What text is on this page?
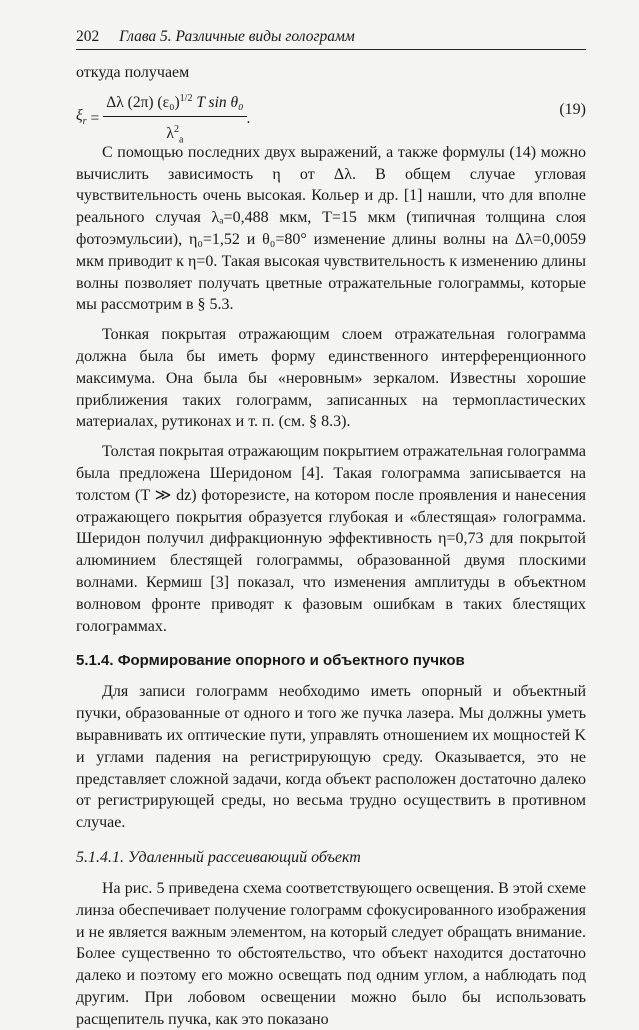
202 Глава 5. Различные виды голограмм

откуда получаем

$\xi_r = \frac{\Delta\lambda (2\pi) (\varepsilon_0)^{1/2} T \sin \theta_0}{\lambda^2_a}$ .
(19)

С помощью последних двух выражений, а также формулы (14) можно вычислить зависимость η от Δλ. В общем случае угловая чувствительность очень высокая. Кольер и др. [1] нашли, что для вполне реального случая λₐ=0,488 мкм, T=15 мкм (типичная толщина слоя фотоэмульсии), η₀=1,52 и θ₀=80° изменение длины волны на Δλ=0,0059 мкм приводит к η=0. Такая высокая чувствительность к изменению длины волны позволяет получать цветные отражательные голограммы, которые мы рассмотрим в § 5.3.

Тонкая покрытая отражающим слоем отражательная голограмма должна была бы иметь форму единственного интерференционного максимума. Она была бы «неровным» зеркалом. Известны хорошие приближения таких голограмм, записанных на термопластических материалах, рутиконах и т. п. (см. § 8.3).

Толстая покрытая отражающим покрытием отражательная голограмма была предложена Шеридоном [4]. Такая голограмма записывается на толстом (T ≫ dz) фоторезисте, на котором после проявления и нанесения отражающего покрытия образуется глубокая и «блестящая» голограмма. Шеридон получил дифракционную эффективность η=0,73 для покрытой алюминием блестящей голограммы, образованной двумя плоскими волнами. Кермиш [3] показал, что изменения амплитуды в объектном волновом фронте приводят к фазовым ошибкам в таких блестящих голограммах.

5.1.4. Формирование опорного и объектного пучков

Для записи голограмм необходимо иметь опорный и объектный пучки, образованные от одного и того же пучка лазера. Мы должны уметь выравнивать их оптические пути, управлять отношением их мощностей K и углами падения на регистрирующую среду. Оказывается, это не представляет сложной задачи, когда объект расположен достаточно далеко от регистрирующей среды, но весьма трудно осуществить в противном случае.

5.1.4.1. Удаленный рассеивающий объект

На рис. 5 приведена схема соответствующего освещения. В этой схеме линза обеспечивает получение голограмм сфокусированного изображения и не является важным элементом, на который следует обращать внимание. Более существенно то обстоятельство, что объект находится достаточно далеко и поэтому его можно освещать под одним углом, а наблюдать под другим. При лобовом освещении можно было бы использовать расщепитель пучка, как это показано
